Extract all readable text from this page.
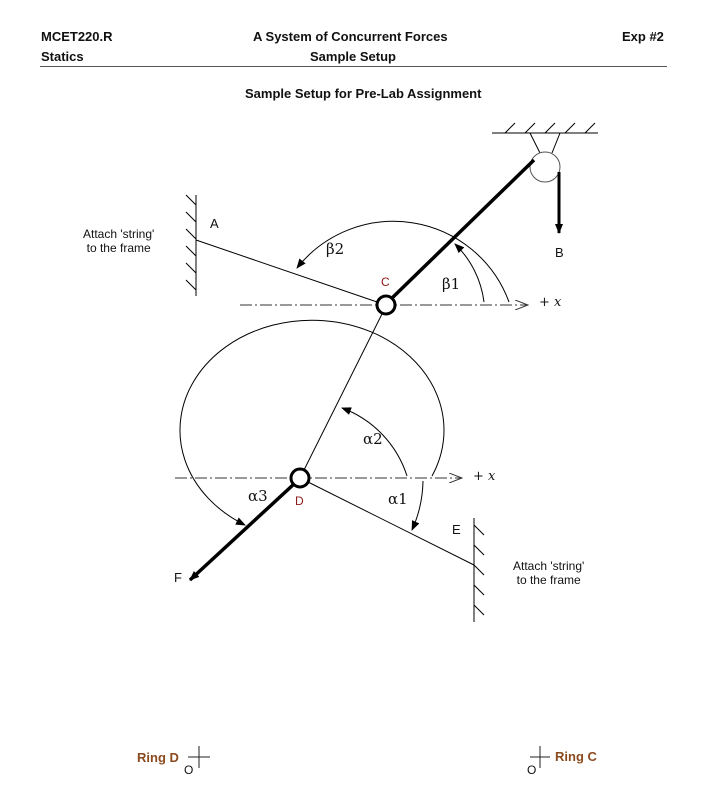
MCET220.R
Statics
A System of Concurrent Forces
Sample Setup
Exp #2
Sample Setup for Pre-Lab Assignment
Attach 'string'
to the frame
Attach 'string'
to the frame
A
B
C
D
E
F
+ x
+ x
β2
β1
α2
α1
α3
Ring D
O
Ring C
O
